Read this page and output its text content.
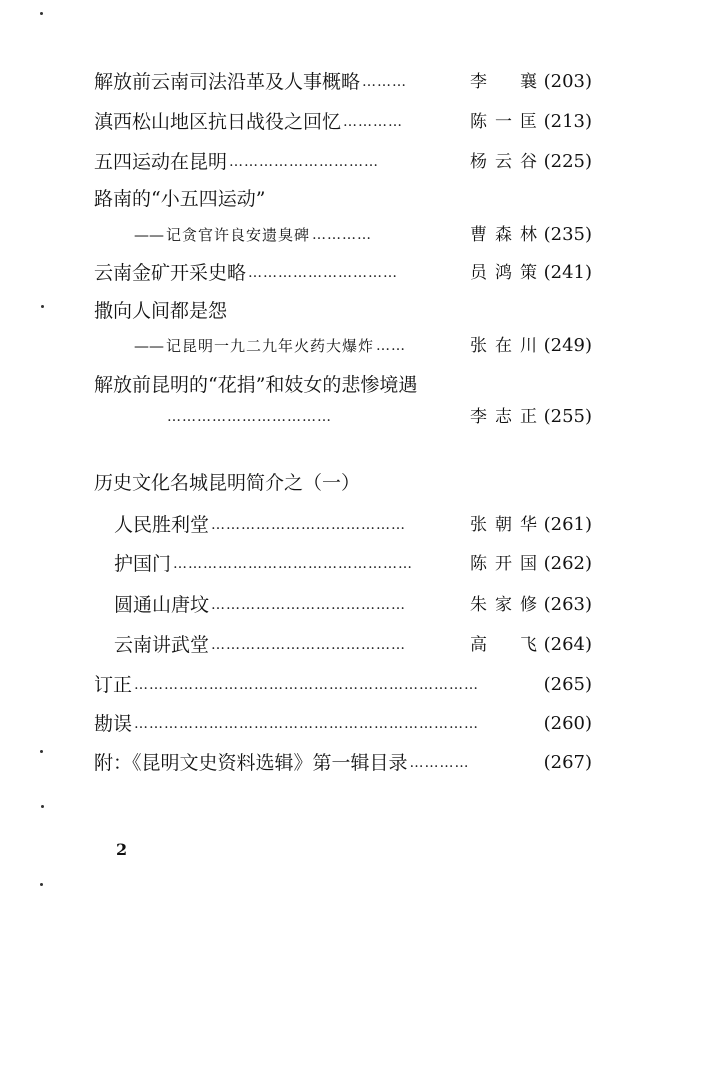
解放前云南司法沿革及人事概略 ………	李 襄 (203)
滇西松山地区抗日战役之回忆 …………	陈一匡 (213)
五四运动在昆明 …………………………	杨云谷 (225)
路南的“小五四运动”
—— 记贪官许良安遗臭碑 …………	曹森林 (235)
云南金矿开采史略 …………………………	员鸿策 (241)
撒向人间都是怨
—— 记昆明一九二九年火药大爆炸 ……	张在川 (249)
解放前昆明的“花捐”和妓女的悲惨境遇
……………………………	李志正 (255)
历史文化名城昆明简介之（一）
人民胜利堂 …………………………………	张朝华 (261)
护国门 …………………………………………	陈开国 (262)
圆通山唐坟 …………………………………	朱家修 (263)
云南讲武堂 …………………………………	高 飞 (264)
订正 ……………………………………………………………	(265)
勘误 ……………………………………………………………	(260)
附：《昆明文史资料选辑》第一辑目录 …………	(267)
2
